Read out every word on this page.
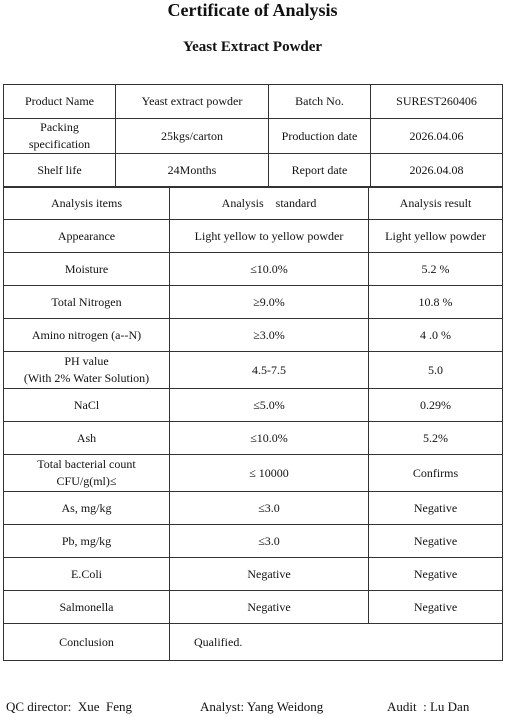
Certificate of Analysis
Yeast Extract Powder
Product Name	Yeast extract powder	Batch No.	SUREST260406

Packing
specification	25kgs/carton	Production date	2026.04.06
Shelf life	24Months	Report date	2026.04.08
Analysis items	Analysis    standard	Analysis result
Appearance	Light yellow to yellow powder	Light yellow powder
Moisture	≤10.0%	5.2 %
Total Nitrogen	≥9.0%	10.8 %
Amino nitrogen (a--N)	≥3.0%	4 .0 %

PH value
(With 2% Water Solution)	4.5-7.5	5.0
NaCl	≤5.0%	0.29%
Ash	≤10.0%	5.2%

Total bacterial count
CFU/g(ml)≤	≤ 10000	Confirms
As, mg/kg	≤3.0	Negative
Pb, mg/kg	≤3.0	Negative
E.Coli	Negative	Negative
Salmonella	Negative	Negative
Conclusion	Qualified.	
QC director:  Xue  Feng	Analyst: Yang Weidong	Audit  : Lu Dan
